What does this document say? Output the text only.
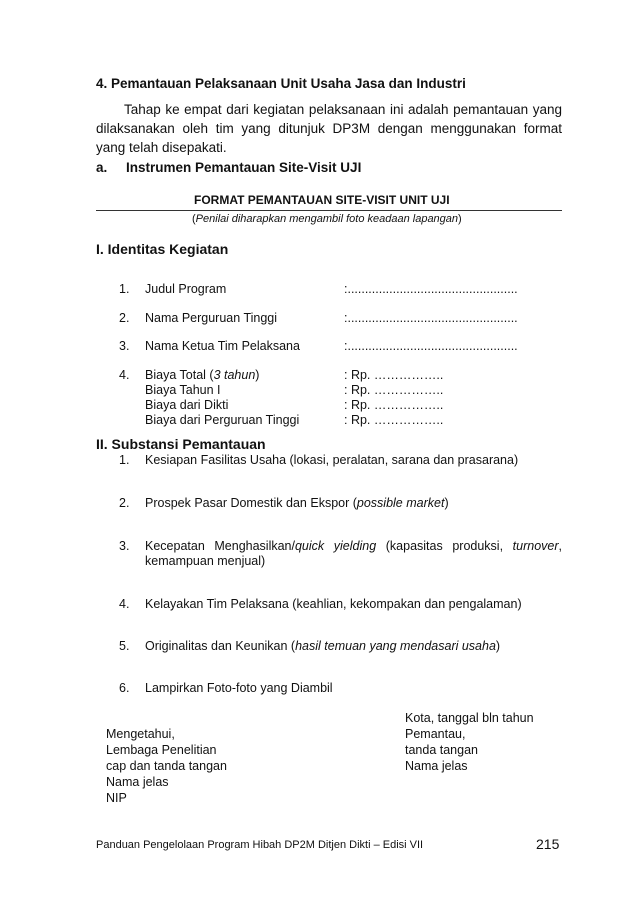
4. Pemantauan Pelaksanaan Unit Usaha Jasa dan Industri
Tahap ke empat dari kegiatan pelaksanaan ini adalah pemantauan yang dilaksanakan oleh tim yang ditunjuk DP3M dengan menggunakan format yang telah disepakati.
a. Instrumen Pemantauan Site-Visit UJI
FORMAT PEMANTAUAN SITE-VISIT UNIT UJI
(Penilai diharapkan mengambil foto keadaan lapangan)
I. Identitas Kegiatan
1. Judul Program	:.................................................
2. Nama Perguruan Tinggi	:.................................................
3. Nama Ketua Tim Pelaksana	:.................................................
4. Biaya Total (3 tahun)	: Rp. ……………..
Biaya Tahun I	: Rp. ……………..
Biaya dari Dikti	: Rp. ……………..
Biaya dari Perguruan Tinggi	: Rp. ……………..
II. Substansi Pemantauan
1. Kesiapan Fasilitas Usaha (lokasi, peralatan, sarana dan prasarana)
2. Prospek Pasar Domestik dan Ekspor (possible market)
3. Kecepatan Menghasilkan/quick yielding (kapasitas produksi, turnover,
kemampuan menjual)
4. Kelayakan Tim Pelaksana (keahlian, kekompakan dan pengalaman)
5. Originalitas dan Keunikan (hasil temuan yang mendasari usaha)
6. Lampirkan Foto-foto yang Diambil
Kota, tanggal bln tahun
Pemantau,
tanda tangan
Nama jelas
Mengetahui,
Lembaga Penelitian
cap dan tanda tangan
Nama jelas
NIP
Panduan Pengelolaan Program Hibah DP2M Ditjen Dikti – Edisi VII	215
